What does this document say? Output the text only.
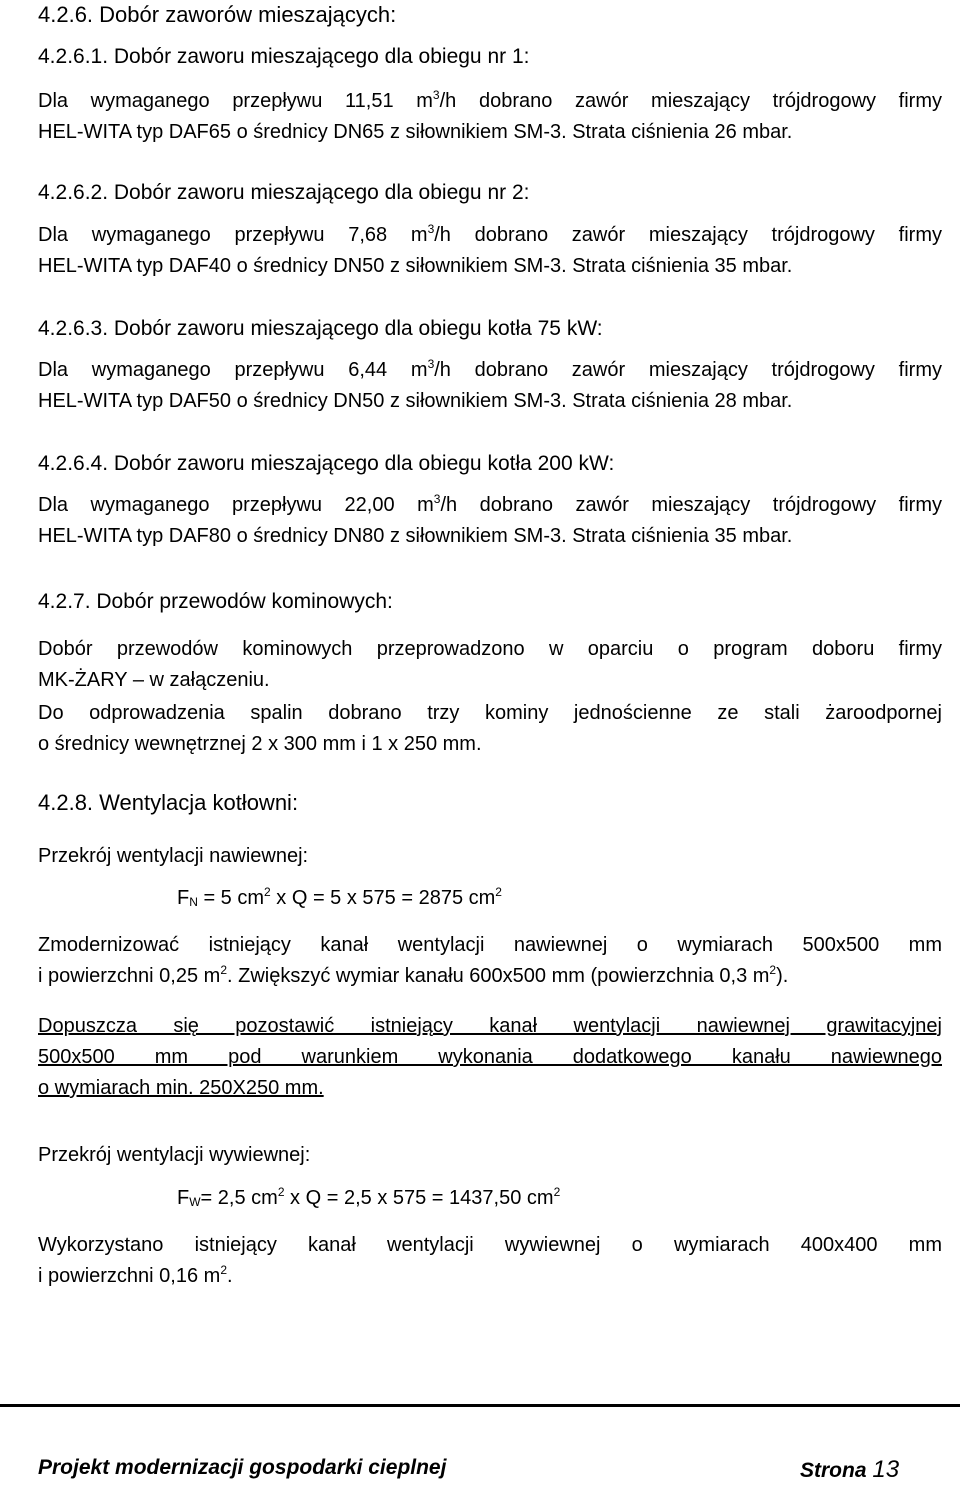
4.2.6. Dobór zaworów mieszających:
4.2.6.1. Dobór zaworu mieszającego dla obiegu nr 1:
Dla wymaganego przepływu 11,51 $m^3/h$ dobrano zawór mieszający trójdrogowy firmy
HEL-WITA typ DAF65 o średnicy DN65 z siłownikiem SM-3. Strata ciśnienia 26 mbar.
4.2.6.2. Dobór zaworu mieszającego dla obiegu nr 2:
Dla wymaganego przepływu 7,68 $m^3/h$ dobrano zawór mieszający trójdrogowy firmy
HEL-WITA typ DAF40 o średnicy DN50 z siłownikiem SM-3. Strata ciśnienia 35 mbar.
4.2.6.3. Dobór zaworu mieszającego dla obiegu kotła 75 kW:
Dla wymaganego przepływu 6,44 $m^3/h$ dobrano zawór mieszający trójdrogowy firmy
HEL-WITA typ DAF50 o średnicy DN50 z siłownikiem SM-3. Strata ciśnienia 28 mbar.
4.2.6.4. Dobór zaworu mieszającego dla obiegu kotła 200 kW:
Dla wymaganego przepływu 22,00 $m^3/h$ dobrano zawór mieszający trójdrogowy firmy
HEL-WITA typ DAF80 o średnicy DN80 z siłownikiem SM-3. Strata ciśnienia 35 mbar.
4.2.7. Dobór przewodów kominowych:
Dobór przewodów kominowych przeprowadzono w oparciu o program doboru firmy
MK-ŻARY – w załączeniu.
Do odprowadzenia spalin dobrano trzy kominy jednościenne ze stali żaroodpornej
o średnicy wewnętrznej 2 x 300 mm i 1 x 250 mm.
4.2.8. Wentylacja kotłowni:
Przekrój wentylacji nawiewnej:
$F_N = 5$ $cm^2$ x Q = 5 x 575 = 2875 $cm^2$
Zmodernizować istniejący kanał wentylacji nawiewnej o wymiarach 500x500 mm
i powierzchni 0,25 $m^2$. Zwiększyć wymiar kanału 600x500 mm (powierzchnia 0,3 $m^2$).
Dopuszcza się pozostawić istniejący kanał wentylacji nawiewnej grawitacyjnej
500x500 mm pod warunkiem wykonania dodatkowego kanału nawiewnego
o wymiarach min. 250X250 mm.
Przekrój wentylacji wywiewnej:
$F_W= 2,5$ $cm^2$ x Q = 2,5 x 575 = 1437,50 $cm^2$
Wykorzystano istniejący kanał wentylacji wywiewnej o wymiarach 400x400 mm
i powierzchni 0,16 $m^2$.
Projekt modernizacji gospodarki cieplnej	Strona 13
